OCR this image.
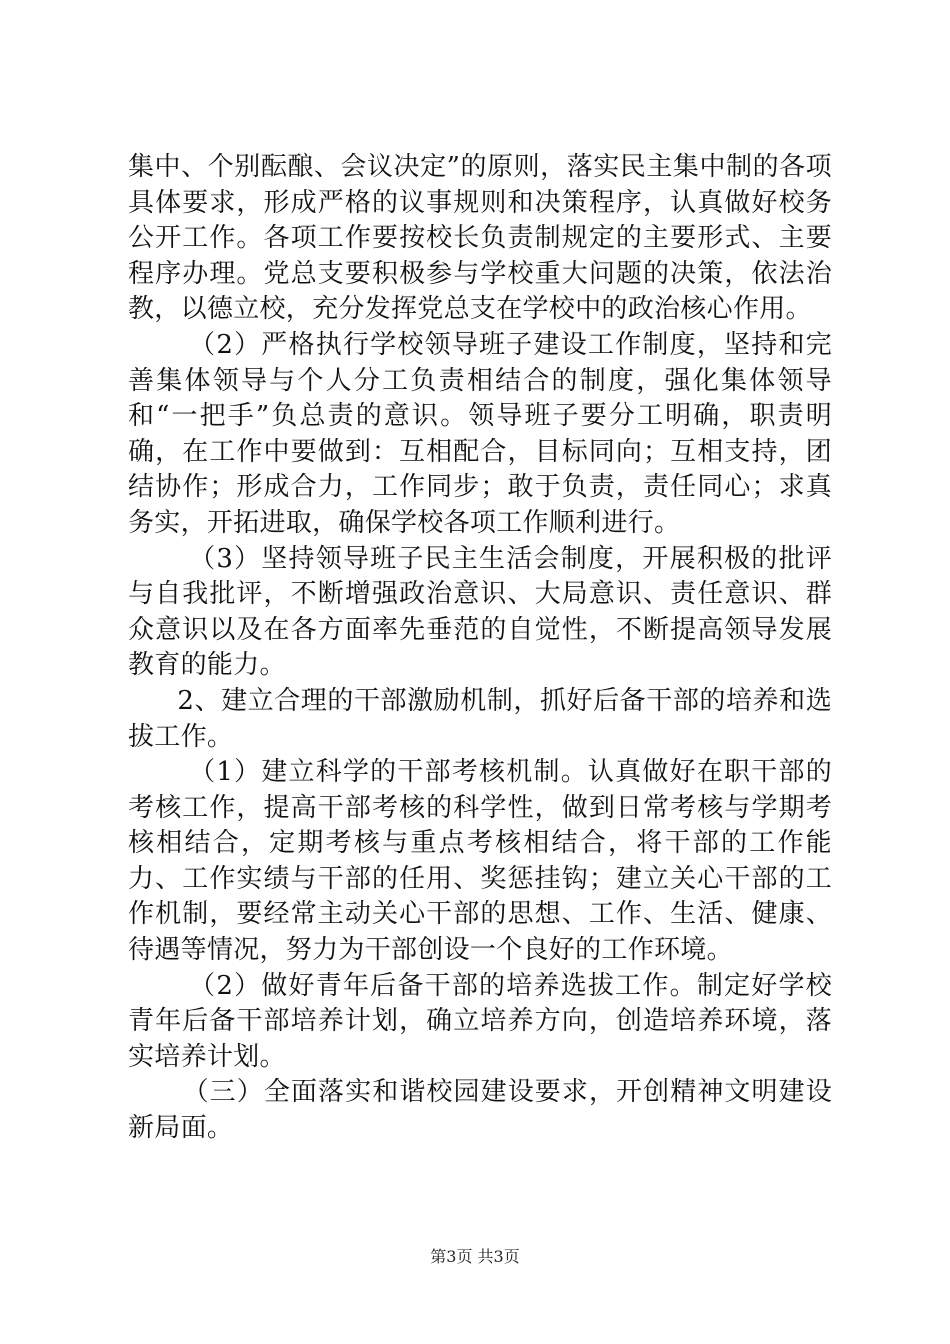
集中、个别酝酿、会议决定”的原则，落实民主集中制的各项具体要求，形成严格的议事规则和决策程序，认真做好校务公开工作。各项工作要按校长负责制规定的主要形式、主要程序办理。党总支要积极参与学校重大问题的决策，依法治教，以德立校，充分发挥党总支在学校中的政治核心作用。

（2）严格执行学校领导班子建设工作制度，坚持和完善集体领导与个人分工负责相结合的制度，强化集体领导和“一把手”负总责的意识。领导班子要分工明确，职责明确，在工作中要做到：互相配合，目标同向；互相支持，团结协作；形成合力，工作同步；敢于负责，责任同心；求真务实，开拓进取，确保学校各项工作顺利进行。

（3）坚持领导班子民主生活会制度，开展积极的批评与自我批评，不断增强政治意识、大局意识、责任意识、群众意识以及在各方面率先垂范的自觉性，不断提高领导发展教育的能力。

2、建立合理的干部激励机制，抓好后备干部的培养和选拔工作。

（1）建立科学的干部考核机制。认真做好在职干部的考核工作，提高干部考核的科学性，做到日常考核与学期考核相结合，定期考核与重点考核相结合，将干部的工作能力、工作实绩与干部的任用、奖惩挂钩；建立关心干部的工作机制，要经常主动关心干部的思想、工作、生活、健康、待遇等情况，努力为干部创设一个良好的工作环境。

（2）做好青年后备干部的培养选拔工作。制定好学校青年后备干部培养计划，确立培养方向，创造培养环境，落实培养计划。

（三）全面落实和谐校园建设要求，开创精神文明建设新局面。

第3页 共3页
